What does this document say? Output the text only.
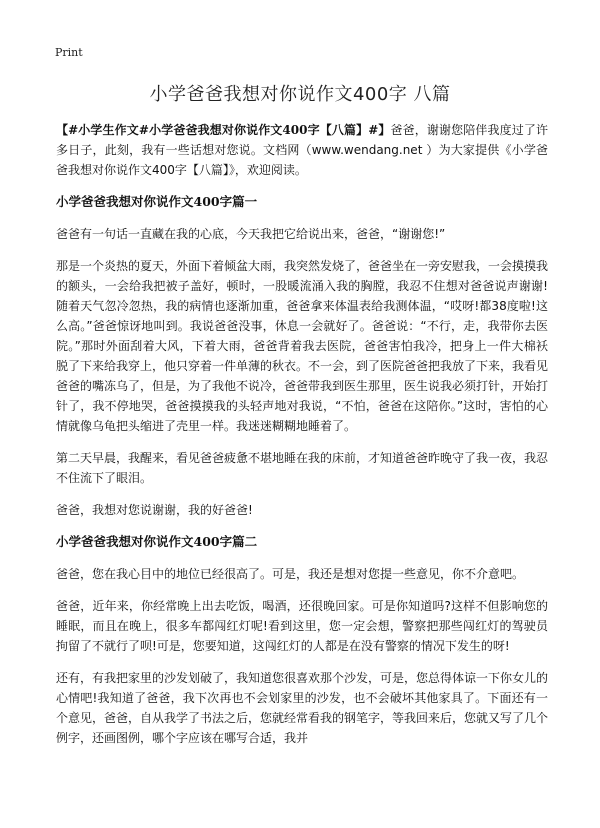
Print
小学爸爸我想对你说作文400字 八篇

【#小学生作文#小学爸爸我想对你说作文400字【八篇】#】爸爸，谢谢您陪伴我度过了许多日子，此刻，我有一些话想对您说。文档网（www.wendang.net ）为大家提供《小学爸爸我想对你说作文400字【八篇】》，欢迎阅读。

小学爸爸我想对你说作文400字篇一

爸爸有一句话一直藏在我的心底，今天我把它给说出来，爸爸，“谢谢您!”

那是一个炎热的夏天，外面下着倾盆大雨，我突然发烧了，爸爸坐在一旁安慰我，一会摸摸我的额头，一会给我把被子盖好，顿时，一股暖流涌入我的胸膛，我忍不住想对爸爸说声谢谢!随着天气忽冷忽热，我的病情也逐渐加重，爸爸拿来体温表给我测体温，“哎呀!都38度啦!这么高。”爸爸惊讶地叫到。我说爸爸没事，休息一会就好了。爸爸说：“不行，走，我带你去医院。”那时外面刮着大风，下着大雨，爸爸背着我去医院，爸爸害怕我冷，把身上一件大棉袄脱了下来给我穿上，他只穿着一件单薄的秋衣。不一会，到了医院爸爸把我放了下来，我看见爸爸的嘴冻乌了，但是，为了我他不说冷，爸爸带我到医生那里，医生说我必须打针，开始打针了，我不停地哭，爸爸摸摸我的头轻声地对我说，“不怕，爸爸在这陪你。”这时，害怕的心情就像乌龟把头缩进了壳里一样。我迷迷糊糊地睡着了。

第二天早晨，我醒来，看见爸爸疲惫不堪地睡在我的床前，才知道爸爸昨晚守了我一夜，我忍不住流下了眼泪。

爸爸，我想对您说谢谢，我的好爸爸!

小学爸爸我想对你说作文400字篇二

爸爸，您在我心目中的地位已经很高了。可是，我还是想对您提一些意见，你不介意吧。

爸爸，近年来，你经常晚上出去吃饭，喝酒，还很晚回家。可是你知道吗?这样不但影响您的睡眠，而且在晚上，很多车都闯红灯呢!看到这里，您一定会想，警察把那些闯红灯的驾驶员拘留了不就行了呗!可是，您要知道，这闯红灯的人都是在没有警察的情况下发生的呀!

还有，有我把家里的沙发划破了，我知道您很喜欢那个沙发，可是，您总得体谅一下你女儿的心情吧!我知道了爸爸，我下次再也不会划家里的沙发，也不会破坏其他家具了。下面还有一个意见，爸爸，自从我学了书法之后，您就经常看我的钢笔字，等我回来后，您就又写了几个例字，还画图例，哪个字应该在哪写合适，我并
